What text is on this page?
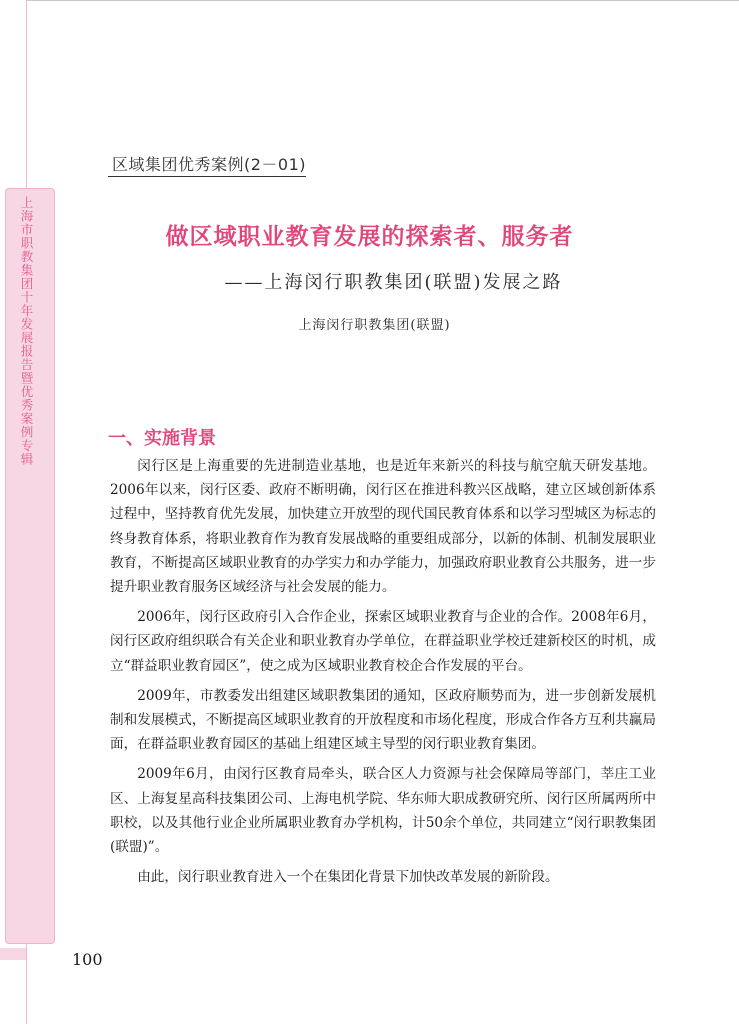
上海市职教集团十年发展报告暨优秀案例专辑
区域集团优秀案例(2－01)
做区域职业教育发展的探索者、服务者
——上海闵行职教集团(联盟)发展之路
上海闵行职教集团(联盟)
一、实施背景

闵行区是上海重要的先进制造业基地，也是近年来新兴的科技与航空航天研发基地。2006年以来，闵行区委、政府不断明确，闵行区在推进科教兴区战略，建立区域创新体系过程中，坚持教育优先发展，加快建立开放型的现代国民教育体系和以学习型城区为标志的终身教育体系，将职业教育作为教育发展战略的重要组成部分，以新的体制、机制发展职业教育，不断提高区域职业教育的办学实力和办学能力，加强政府职业教育公共服务，进一步提升职业教育服务区域经济与社会发展的能力。

2006年，闵行区政府引入合作企业，探索区域职业教育与企业的合作。2008年6月，闵行区政府组织联合有关企业和职业教育办学单位，在群益职业学校迁建新校区的时机，成立“群益职业教育园区”，使之成为区域职业教育校企合作发展的平台。

2009年，市教委发出组建区域职教集团的通知，区政府顺势而为，进一步创新发展机制和发展模式，不断提高区域职业教育的开放程度和市场化程度，形成合作各方互利共赢局面，在群益职业教育园区的基础上组建区域主导型的闵行职业教育集团。

2009年6月，由闵行区教育局牵头，联合区人力资源与社会保障局等部门，莘庄工业区、上海复星高科技集团公司、上海电机学院、华东师大职成教研究所、闵行区所属两所中职校，以及其他行业企业所属职业教育办学机构，计50余个单位，共同建立“闵行职教集团(联盟)”。

由此，闵行职业教育进入一个在集团化背景下加快改革发展的新阶段。

100
